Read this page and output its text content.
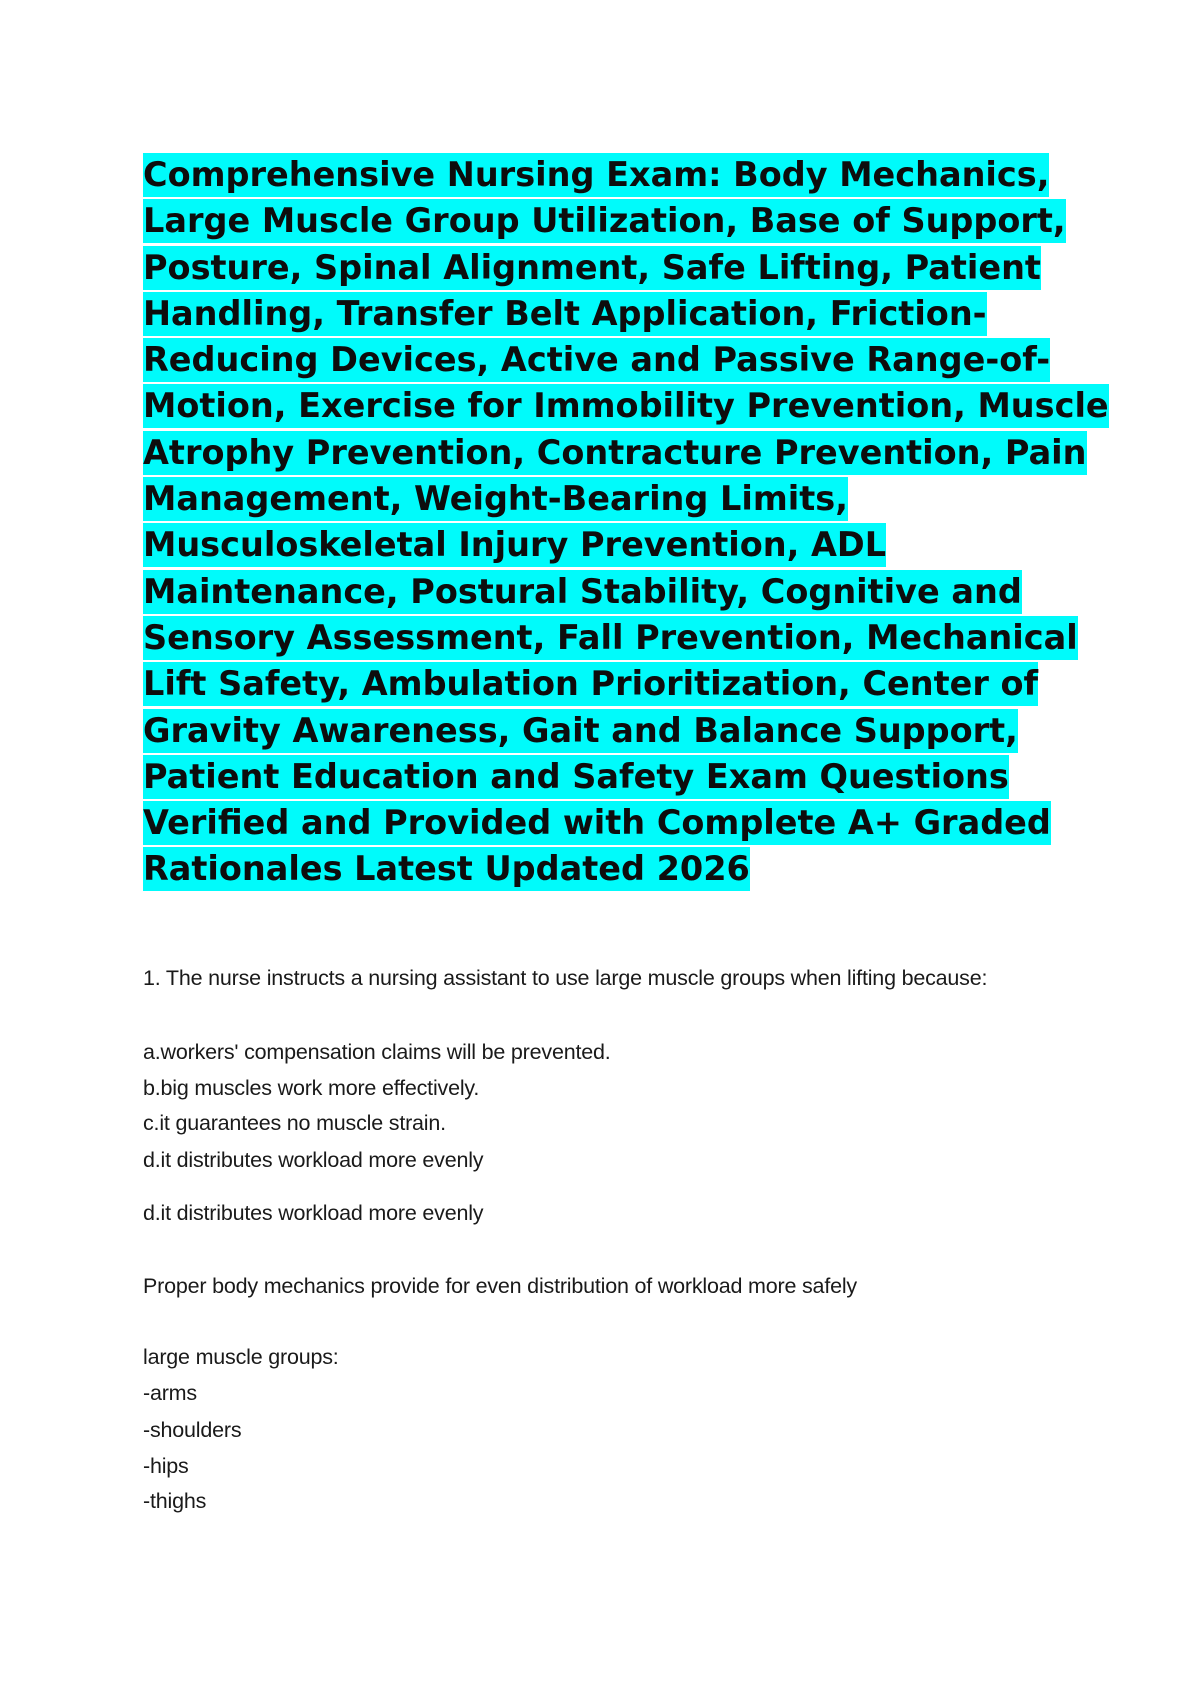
Comprehensive Nursing Exam: Body Mechanics,
Large Muscle Group Utilization, Base of Support,
Posture, Spinal Alignment, Safe Lifting, Patient
Handling, Transfer Belt Application, Friction-
Reducing Devices, Active and Passive Range-of-
Motion, Exercise for Immobility Prevention, Muscle
Atrophy Prevention, Contracture Prevention, Pain
Management, Weight-Bearing Limits,
Musculoskeletal Injury Prevention, ADL
Maintenance, Postural Stability, Cognitive and
Sensory Assessment, Fall Prevention, Mechanical
Lift Safety, Ambulation Prioritization, Center of
Gravity Awareness, Gait and Balance Support,
Patient Education and Safety Exam Questions
Verified and Provided with Complete A+ Graded
Rationales Latest Updated 2026
1. The nurse instructs a nursing assistant to use large muscle groups when lifting because:
a.workers' compensation claims will be prevented.
b.big muscles work more effectively.
c.it guarantees no muscle strain.
d.it distributes workload more evenly
d.it distributes workload more evenly
Proper body mechanics provide for even distribution of workload more safely
large muscle groups:
-arms
-shoulders
-hips
-thighs
